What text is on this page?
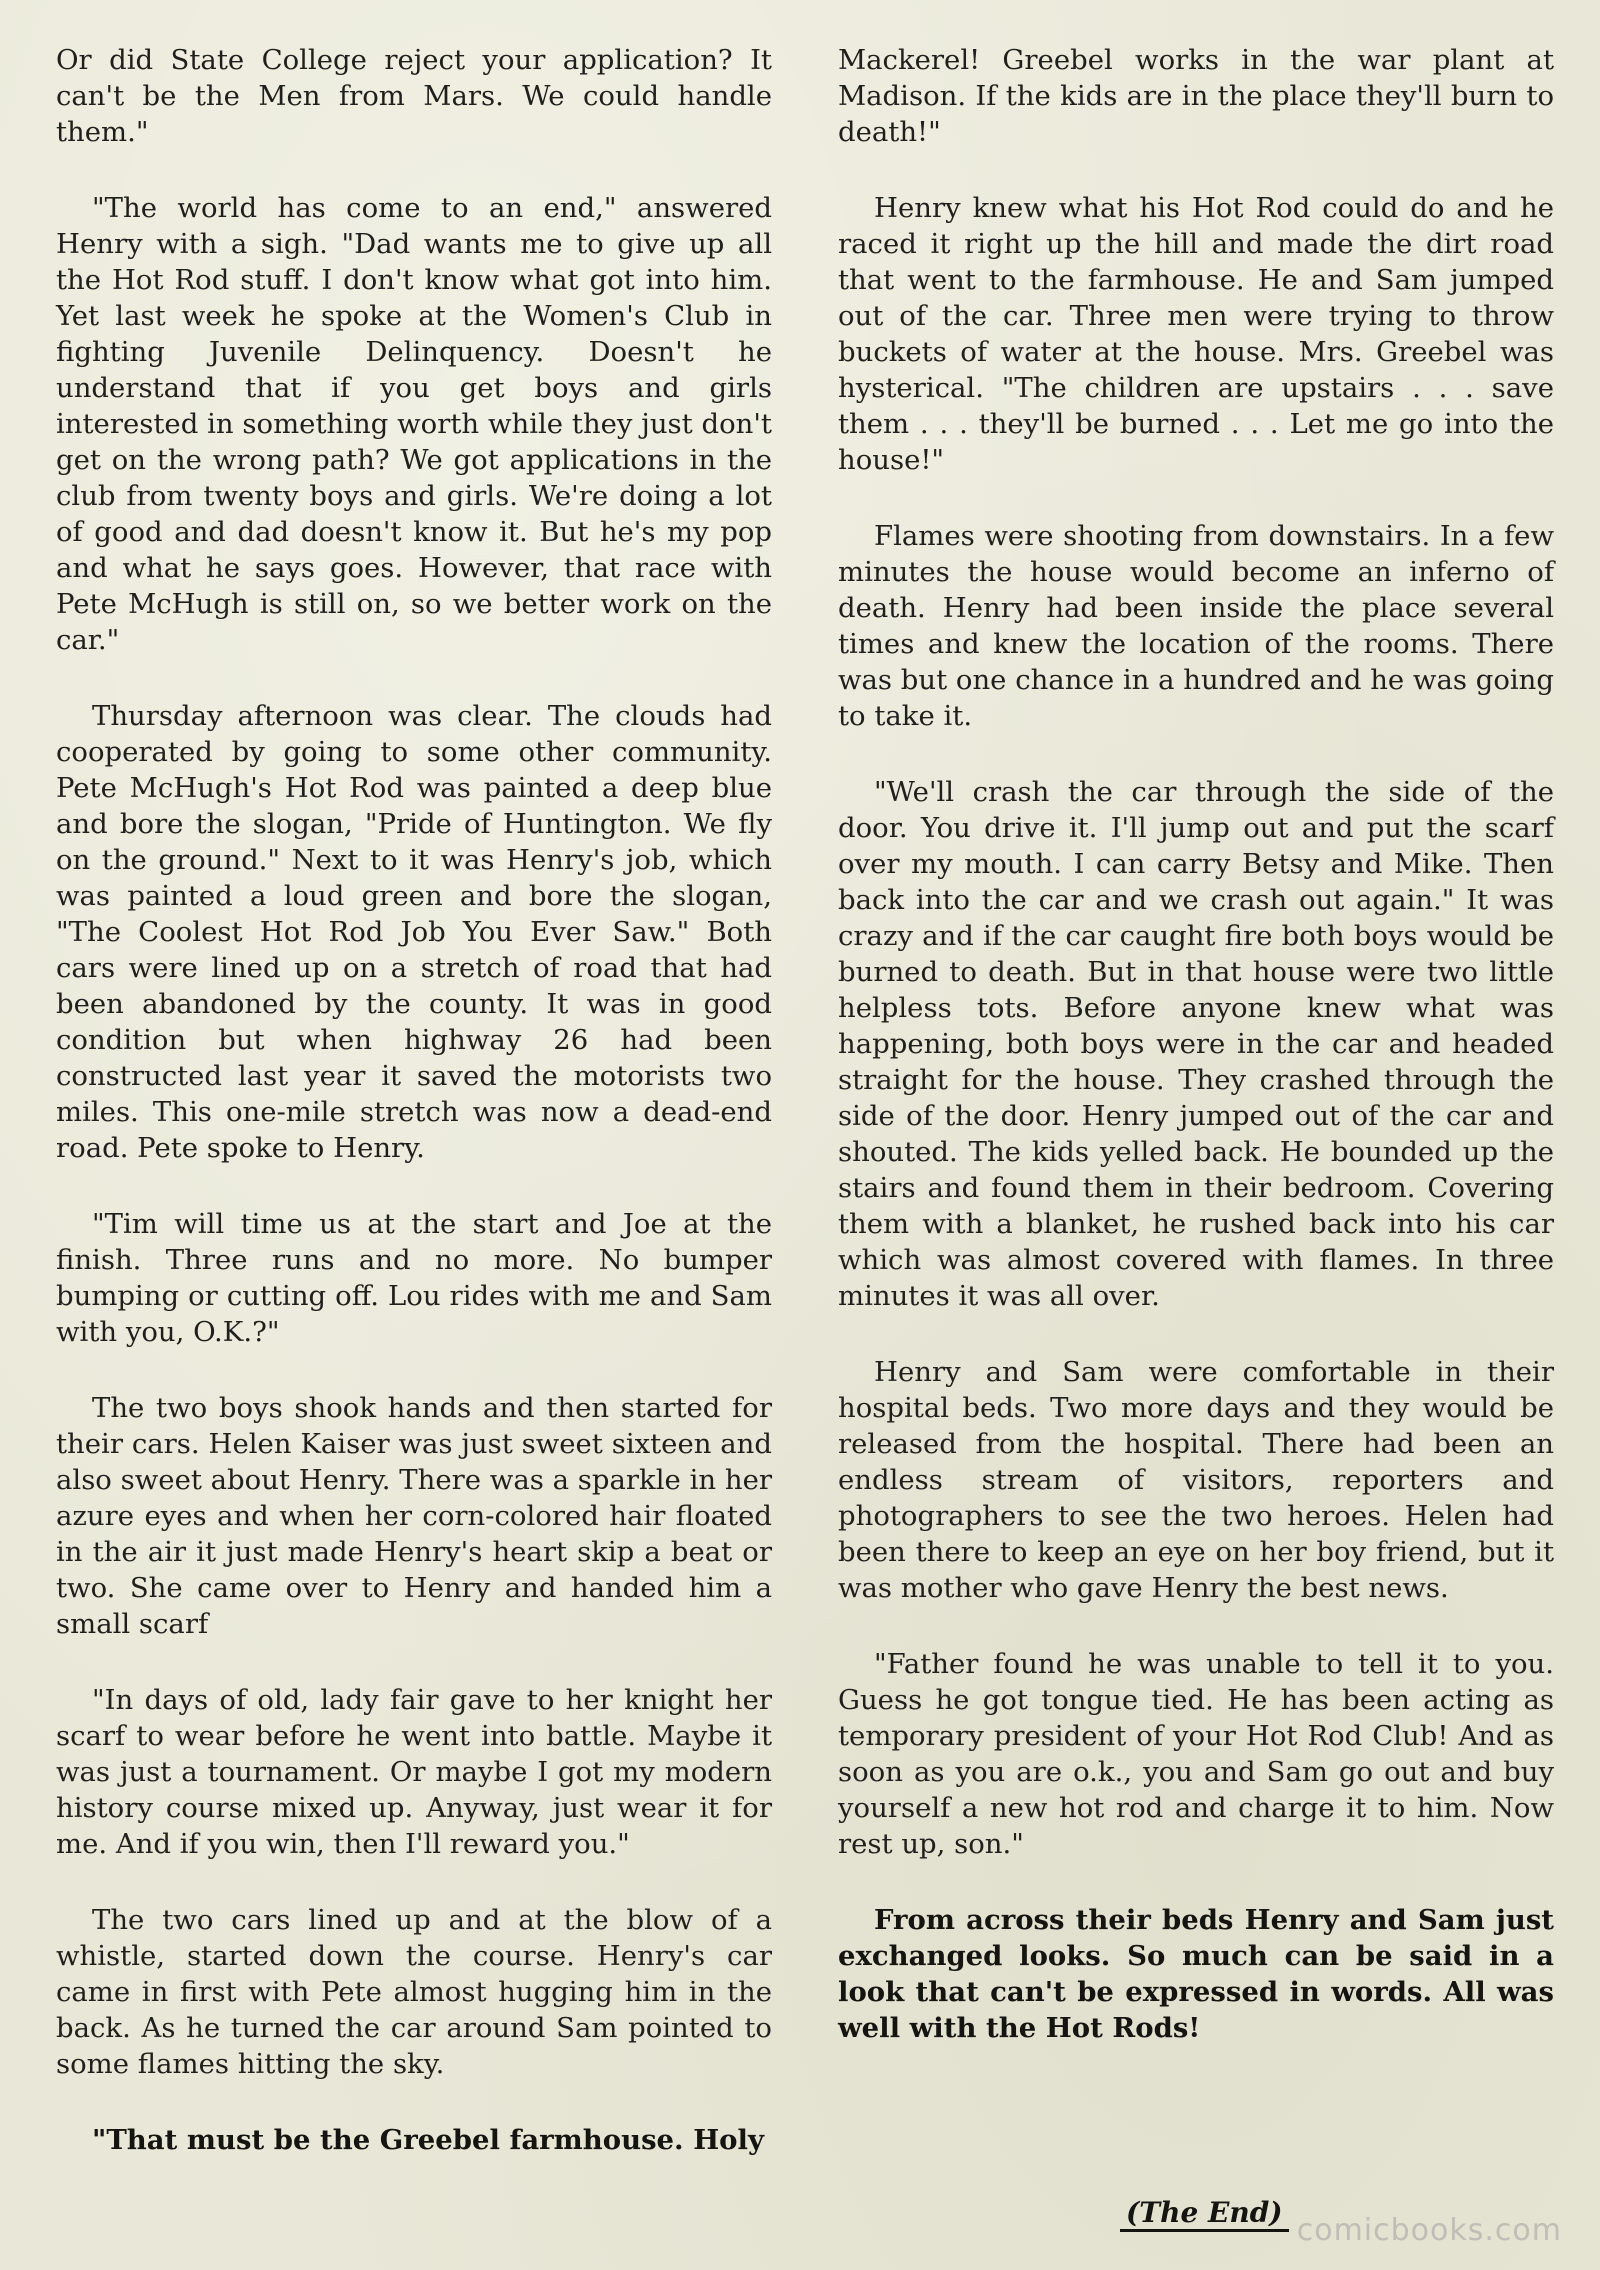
Or did State College reject your application? It can't be the Men from Mars. We could handle them."

"The world has come to an end," answered Henry with a sigh. "Dad wants me to give up all the Hot Rod stuff. I don't know what got into him. Yet last week he spoke at the Women's Club in fighting Juvenile Delinquency. Doesn't he understand that if you get boys and girls interested in something worth while they just don't get on the wrong path? We got applications in the club from twenty boys and girls. We're doing a lot of good and dad doesn't know it. But he's my pop and what he says goes. However, that race with Pete McHugh is still on, so we better work on the car."

Thursday afternoon was clear. The clouds had cooperated by going to some other community. Pete McHugh's Hot Rod was painted a deep blue and bore the slogan, "Pride of Huntington. We fly on the ground." Next to it was Henry's job, which was painted a loud green and bore the slogan, "The Coolest Hot Rod Job You Ever Saw." Both cars were lined up on a stretch of road that had been abandoned by the county. It was in good condition but when highway 26 had been constructed last year it saved the motorists two miles. This one-mile stretch was now a dead-end road. Pete spoke to Henry.

"Tim will time us at the start and Joe at the finish. Three runs and no more. No bumper bumping or cutting off. Lou rides with me and Sam with you, O.K.?"

The two boys shook hands and then started for their cars. Helen Kaiser was just sweet sixteen and also sweet about Henry. There was a sparkle in her azure eyes and when her corn-colored hair floated in the air it just made Henry's heart skip a beat or two. She came over to Henry and handed him a small scarf

"In days of old, lady fair gave to her knight her scarf to wear before he went into battle. Maybe it was just a tournament. Or maybe I got my modern history course mixed up. Anyway, just wear it for me. And if you win, then I'll reward you."

The two cars lined up and at the blow of a whistle, started down the course. Henry's car came in first with Pete almost hugging him in the back. As he turned the car around Sam pointed to some flames hitting the sky.

"That must be the Greebel farmhouse. Holy

Mackerel! Greebel works in the war plant at Madison. If the kids are in the place they'll burn to death!"

Henry knew what his Hot Rod could do and he raced it right up the hill and made the dirt road that went to the farmhouse. He and Sam jumped out of the car. Three men were trying to throw buckets of water at the house. Mrs. Greebel was hysterical. "The children are upstairs . . . save them . . . they'll be burned . . . Let me go into the house!"

Flames were shooting from downstairs. In a few minutes the house would become an inferno of death. Henry had been inside the place several times and knew the location of the rooms. There was but one chance in a hundred and he was going to take it.

"We'll crash the car through the side of the door. You drive it. I'll jump out and put the scarf over my mouth. I can carry Betsy and Mike. Then back into the car and we crash out again." It was crazy and if the car caught fire both boys would be burned to death. But in that house were two little helpless tots. Before anyone knew what was happening, both boys were in the car and headed straight for the house. They crashed through the side of the door. Henry jumped out of the car and shouted. The kids yelled back. He bounded up the stairs and found them in their bedroom. Covering them with a blanket, he rushed back into his car which was almost covered with flames. In three minutes it was all over.

Henry and Sam were comfortable in their hospital beds. Two more days and they would be released from the hospital. There had been an endless stream of visitors, reporters and photographers to see the two heroes. Helen had been there to keep an eye on her boy friend, but it was mother who gave Henry the best news.

"Father found he was unable to tell it to you. Guess he got tongue tied. He has been acting as temporary president of your Hot Rod Club! And as soon as you are o.k., you and Sam go out and buy yourself a new hot rod and charge it to him. Now rest up, son."

From across their beds Henry and Sam just exchanged looks. So much can be said in a look that can't be expressed in words. All was well with the Hot Rods!

(The End)
comicbooks.com
